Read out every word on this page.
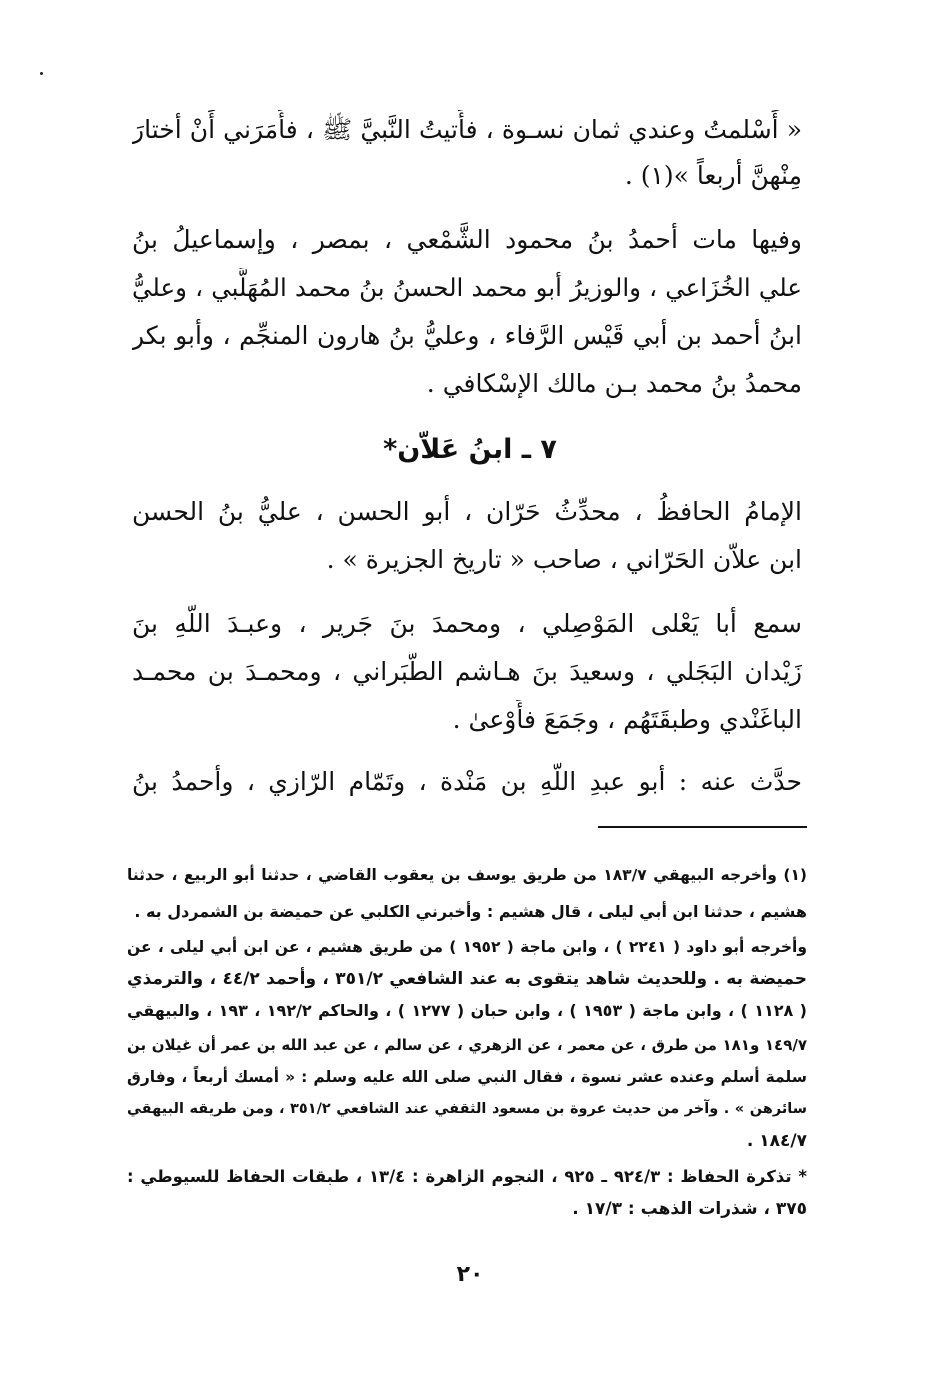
« أَسْلمتُ وعندي ثمان نسـوة ، فأَتيتُ النَّبيَّ ﷺ ، فأَمَرَني أَنْ أختارَ
مِنْهنَّ أربعاً »(١) .
وفيها مات أحمدُ بنُ محمود الشَّمْعي ، بمصر ، وإسماعيلُ بنُ
علي الخُزَاعي ، والوزيرُ أبو محمد الحسنُ بنُ محمد المُهَلَّبي ، وعليُّ
ابنُ أحمد بن أبي قَيْس الرَّفاء ، وعليُّ بنُ هارون المنجِّم ، وأبو بكر
محمدُ بنُ محمد بـن مالك الإسْكافي .
٧ ـ ابنُ عَلاّن*
الإمامُ الحافظُ ، محدِّثُ حَرّان ، أبو الحسن ، عليُّ بنُ الحسن
ابن علاّن الحَرّاني ، صاحب « تاريخ الجزيرة » .
سمع أبا يَعْلى المَوْصِلي ، ومحمدَ بنَ جَرير ، وعبـدَ اللّهِ بنَ
زَيْدان البَجَلي ، وسعيدَ بنَ هـاشم الطَّبَراني ، ومحمـدَ بن محمـد
الباغَنْدي وطبقَتَهُم ، وجَمَعَ فأَوْعىٰ .
حدَّث عنه : أبو عبدِ اللّهِ بن مَنْدة ، وتَمّام الرّازي ، وأحمدُ بنُ
(١) وأخرجه البيهقي ١٨٣/٧ من طريق يوسف بن يعقوب القاضي ، حدثنا أبو الربيع ، حدثنا
هشيم ، حدثنا ابن أبي ليلى ، قال هشيم : وأخبرني الكلبي عن حميضة بن الشمردل به .
وأخرجه أبو داود ( ٢٢٤١ ) ، وابن ماجة ( ١٩٥٢ ) من طريق هشيم ، عن ابن أبي ليلى ، عن
حميضة به . وللحديث شاهد يتقوى به عند الشافعي ٣٥١/٢ ، وأحمد ٤٤/٢ ، والترمذي
( ١١٢٨ ) ، وابن ماجة ( ١٩٥٣ ) ، وابن حبان ( ١٢٧٧ ) ، والحاكم ١٩٢/٢ ، ١٩٣ ، والبيهقي
١٤٩/٧ و١٨١ من طرق ، عن معمر ، عن الزهري ، عن سالم ، عن عبد الله بن عمر أن غيلان بن
سلمة أسلم وعنده عشر نسوة ، فقال النبي صلى الله عليه وسلم : « أمسك أربعاً ، وفارق
سائرهن » . وآخر من حديث عروة بن مسعود الثقفي عند الشافعي ٣٥١/٢ ، ومن طريقه البيهقي
١٨٤/٧ .
* تذكرة الحفاظ : ٩٢٤/٣ ـ ٩٢٥ ، النجوم الزاهرة : ١٣/٤ ، طبقات الحفاظ للسيوطي :
٣٧٥ ، شذرات الذهب : ١٧/٣ .
٢٠
